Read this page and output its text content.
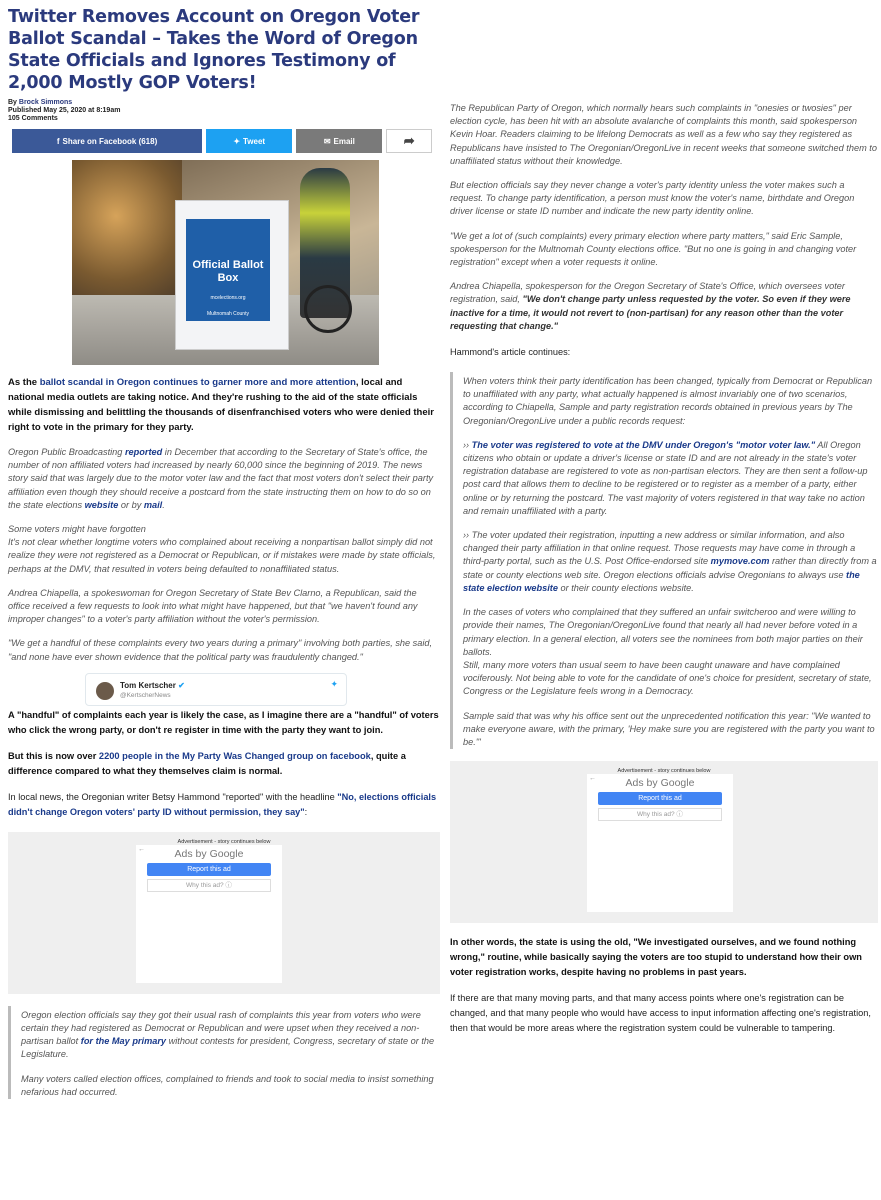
Twitter Removes Account on Oregon Voter Ballot Scandal – Takes the Word of Oregon State Officials and Ignores Testimony of 2,000 Mostly GOP Voters!
By Brock Simmons
Published May 25, 2020 at 8:19am
105 Comments
f Share on Facebook (618)	✦ Tweet	✉ Email	➦
Official Ballot Box
mcelections.org
Multnomah County

As the ballot scandal in Oregon continues to garner more and more attention, local and national media outlets are taking notice. And they're rushing to the aid of the state officials while dismissing and belittling the thousands of disenfranchised voters who were denied their right to vote in the primary for they party.

Oregon Public Broadcasting reported in December that according to the Secretary of State's office, the number of non affiliated voters had increased by nearly 60,000 since the beginning of 2019. The news story said that was largely due to the motor voter law and the fact that most voters don't select their party affiliation even though they should receive a postcard from the state instructing them on how to do so on the state elections website or by mail.

Some voters might have forgotten
It's not clear whether longtime voters who complained about receiving a nonpartisan ballot simply did not realize they were not registered as a Democrat or Republican, or if mistakes were made by state officials, perhaps at the DMV, that resulted in voters being defaulted to nonaffiliated status.

Andrea Chiapella, a spokeswoman for Oregon Secretary of State Bev Clarno, a Republican, said the office received a few requests to look into what might have happened, but that "we haven't found any improper changes" to a voter's party affiliation without the voter's permission.

"We get a handful of these complaints every two years during a primary" involving both parties, she said, "and none have ever shown evidence that the political party was fraudulently changed."

Tom Kertscher ✔
@KertscherNews
✦

A "handful" of complaints each year is likely the case, as I imagine there are a "handful" of voters who click the wrong party, or don't re register in time with the party they want to join.

But this is now over 2200 people in the My Party Was Changed group on facebook, quite a difference compared to what they themselves claim is normal.

In local news, the Oregonian writer Betsy Hammond "reported" with the headline "No, elections officials didn't change Oregon voters' party ID without permission, they say":

Advertisement - story continues below
←	Ads by Google
Report this ad
Why this ad? ⓘ

Oregon election officials say they got their usual rash of complaints this year from voters who were certain they had registered as Democrat or Republican and were upset when they received a non-partisan ballot for the May primary without contests for president, Congress, secretary of state or the Legislature.

Many voters called election offices, complained to friends and took to social media to insist something nefarious had occurred.

The Republican Party of Oregon, which normally hears such complaints in "onesies or twosies" per election cycle, has been hit with an absolute avalanche of complaints this month, said spokesperson Kevin Hoar. Readers claiming to be lifelong Democrats as well as a few who say they registered as Republicans have insisted to The Oregonian/OregonLive in recent weeks that someone switched them to unaffiliated status without their knowledge.

But election officials say they never change a voter's party identity unless the voter makes such a request. To change party identification, a person must know the voter's name, birthdate and Oregon driver license or state ID number and indicate the new party identity online.

"We get a lot of (such complaints) every primary election where party matters," said Eric Sample, spokesperson for the Multnomah County elections office. "But no one is going in and changing voter registration" except when a voter requests it online.

Andrea Chiapella, spokesperson for the Oregon Secretary of State's Office, which oversees voter registration, said, "We don't change party unless requested by the voter. So even if they were inactive for a time, it would not revert to (non-partisan) for any reason other than the voter requesting that change."

Hammond's article continues:

When voters think their party identification has been changed, typically from Democrat or Republican to unaffiliated with any party, what actually happened is almost invariably one of two scenarios, according to Chiapella, Sample and party registration records obtained in previous years by The Oregonian/OregonLive under a public records request:

›› The voter was registered to vote at the DMV under Oregon's "motor voter law." All Oregon citizens who obtain or update a driver's license or state ID and are not already in the state's voter registration database are registered to vote as non-partisan electors. They are then sent a follow-up post card that allows them to decline to be registered or to register as a member of a party, either online or by returning the postcard. The vast majority of voters registered in that way take no action and remain unaffiliated with a party.

›› The voter updated their registration, inputting a new address or similar information, and also changed their party affiliation in that online request. Those requests may have come in through a third-party portal, such as the U.S. Post Office-endorsed site mymove.com rather than directly from a state or county elections web site. Oregon elections officials advise Oregonians to always use the state election website or their county elections website.

In the cases of voters who complained that they suffered an unfair switcheroo and were willing to provide their names, The Oregonian/OregonLive found that nearly all had never before voted in a primary election. In a general election, all voters see the nominees from both major parties on their ballots.

Still, many more voters than usual seem to have been caught unaware and have complained vociferously. Not being able to vote for the candidate of one's choice for president, secretary of state, Congress or the Legislature feels wrong in a Democracy.

Sample said that was why his office sent out the unprecedented notification this year: "We wanted to make everyone aware, with the primary, 'Hey make sure you are registered with the party you want to be.'"

Advertisement - story continues below
←	Ads by Google
Report this ad
Why this ad? ⓘ

In other words, the state is using the old, "We investigated ourselves, and we found nothing wrong," routine, while basically saying the voters are too stupid to understand how their own voter registration works, despite having no problems in past years.

If there are that many moving parts, and that many access points where one's registration can be changed, and that many people who would have access to input information affecting one's registration, then that would be more areas where the registration system could be vulnerable to tampering.
